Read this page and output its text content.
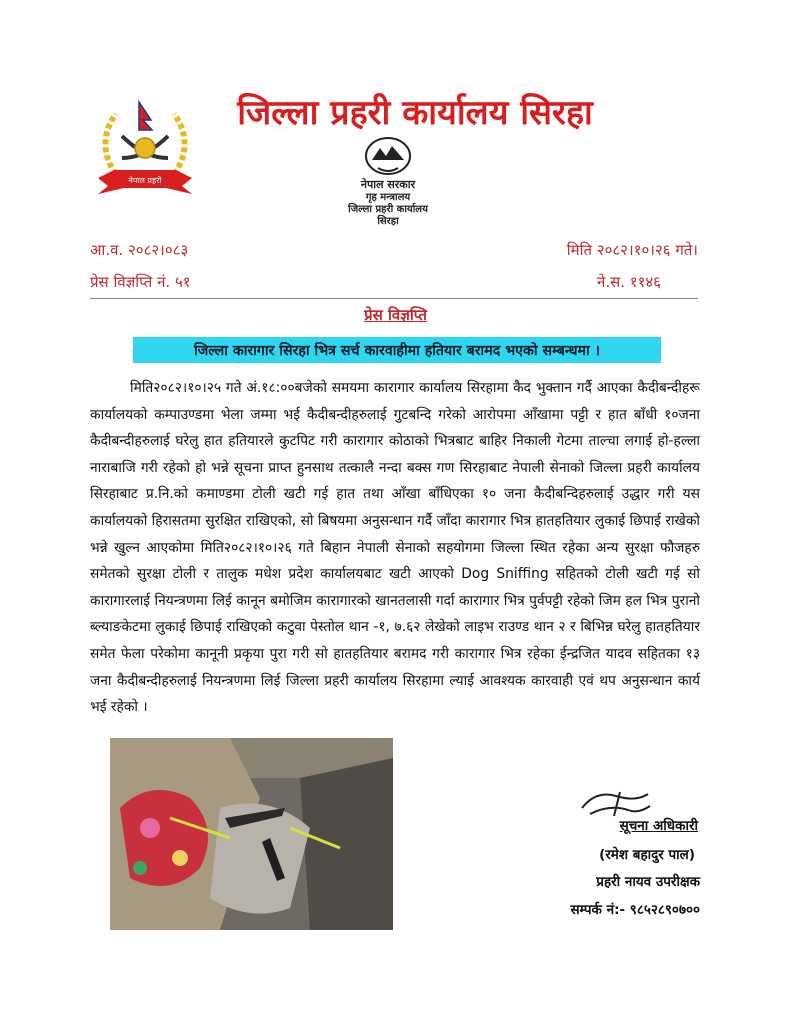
जिल्ला प्रहरी कार्यालय सिरहा
नेपाल प्रहरी	नेपाल सरकार
गृह मन्त्रालय
जिल्ला प्रहरी कार्यालय
सिरहा
आ.व. २०८२।०८३
प्रेस विज्ञप्ति नं. ५१
मिति २०८२।१०।२६ गते।
ने.स. ११४६
प्रेस विज्ञप्ति
जिल्ला कारागार सिरहा भित्र सर्च कारवाहीमा हतियार बरामद भएको सम्बन्धमा ।
मिति२०८२।१०।२५ गते अं.१८:००बजेको समयमा कारागार कार्यालय सिरहामा कैद भुक्तान गर्दै आएका कैदीबन्दीहरू कार्यालयको कम्पाउण्डमा भेला जम्मा भई कैदीबन्दीहरुलाई गुटबन्दि गरेको आरोपमा आँखामा पट्टी र हात बाँधी १०जना कैदीबन्दीहरुलाई घरेलु हात हतियारले कुटपिट गरी कारागार कोठाको भित्रबाट बाहिर निकाली गेटमा ताल्चा लगाई हो-हल्ला नाराबाजि गरी रहेको हो भन्ने सूचना प्राप्त हुनसाथ तत्कालै नन्दा बक्स गण सिरहाबाट नेपाली सेनाको जिल्ला प्रहरी कार्यालय सिरहाबाट प्र.नि.को कमाण्डमा टोली खटी गई हात तथा आँखा बाँधिएका १० जना कैदीबन्दिहरुलाई उद्धार गरी यस कार्यालयको हिरासतमा सुरक्षित राखिएको, सो बिषयमा अनुसन्धान गर्दै जाँदा कारागार भित्र हातहतियार लुकाई छिपाई राखेको भन्ने खुल्न आएकोमा मिति२०८२।१०।२६ गते बिहान नेपाली सेनाको सहयोगमा जिल्ला स्थित रहेका अन्य सुरक्षा फौजहरु समेतको सुरक्षा टोली र तालुक मधेश प्रदेश कार्यालयबाट खटी आएको Dog Sniffing सहितको टोली खटी गई सो कारागारलाई नियन्त्रणमा लिई कानून बमोजिम कारागारको खानतलासी गर्दा कारागार भित्र पुर्वपट्टी रहेको जिम हल भित्र पुरानो ब्ल्याङकेटमा लुकाई छिपाई राखिएको कटुवा पेस्तोल थान -१, ७.६२ लेखेको लाइभ राउण्ड थान २ र बिभिन्न घरेलु हातहतियार समेत फेला परेकोमा कानूनी प्रकृया पुरा गरी सो हातहतियार बरामद गरी कारागार भित्र रहेका ईन्द्रजित यादव सहितका १३ जना कैदीबन्दीहरुलाई नियन्त्रणमा लिई जिल्ला प्रहरी कार्यालय सिरहामा ल्याई आवश्यक कारवाही एवं थप अनुसन्धान कार्य भई रहेको ।
सूचना अधिकारी
(रमेश बहादुर पाल)
प्रहरी नायव उपरीक्षक
सम्पर्क नं:- ९८५२८९०७००
